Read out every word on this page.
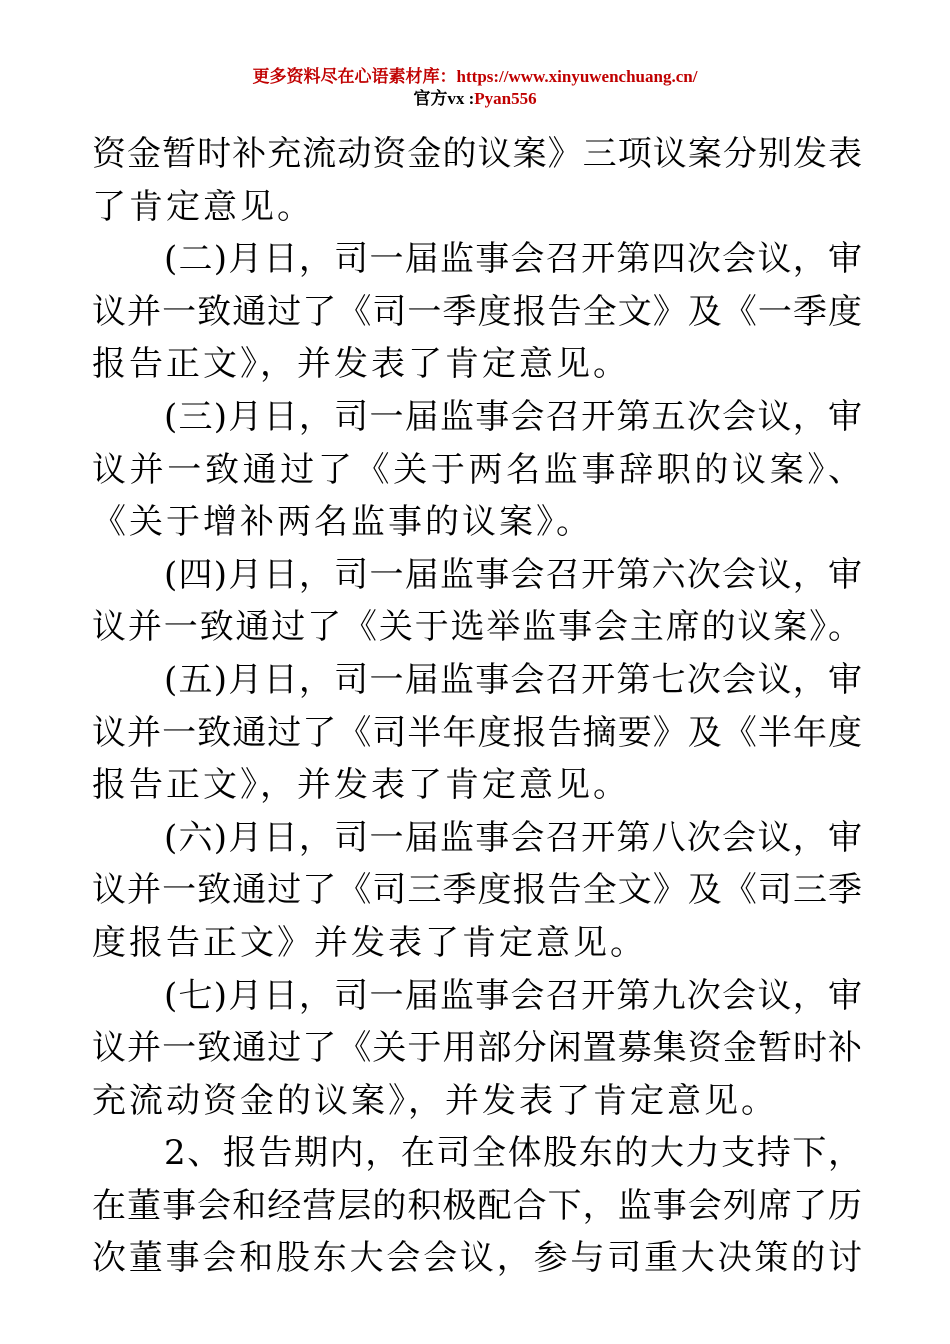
更多资料尽在心语素材库：https://www.xinyuwenchuang.cn/
官方vx :Pyan556
资金暂时补充流动资金的议案》三项议案分别发表
了肯定意见。
(二)月日，司一届监事会召开第四次会议，审
议并一致通过了《司一季度报告全文》及《一季度
报告正文》，并发表了肯定意见。
(三)月日，司一届监事会召开第五次会议，审
议并一致通过了《关于两名监事辞职的议案》、
《关于增补两名监事的议案》。
(四)月日，司一届监事会召开第六次会议，审
议并一致通过了《关于选举监事会主席的议案》。
(五)月日，司一届监事会召开第七次会议，审
议并一致通过了《司半年度报告摘要》及《半年度
报告正文》，并发表了肯定意见。
(六)月日，司一届监事会召开第八次会议，审
议并一致通过了《司三季度报告全文》及《司三季
度报告正文》并发表了肯定意见。
(七)月日，司一届监事会召开第九次会议，审
议并一致通过了《关于用部分闲置募集资金暂时补
充流动资金的议案》，并发表了肯定意见。
2、报告期内，在司全体股东的大力支持下，
在董事会和经营层的积极配合下，监事会列席了历
次董事会和股东大会会议，参与司重大决策的讨
